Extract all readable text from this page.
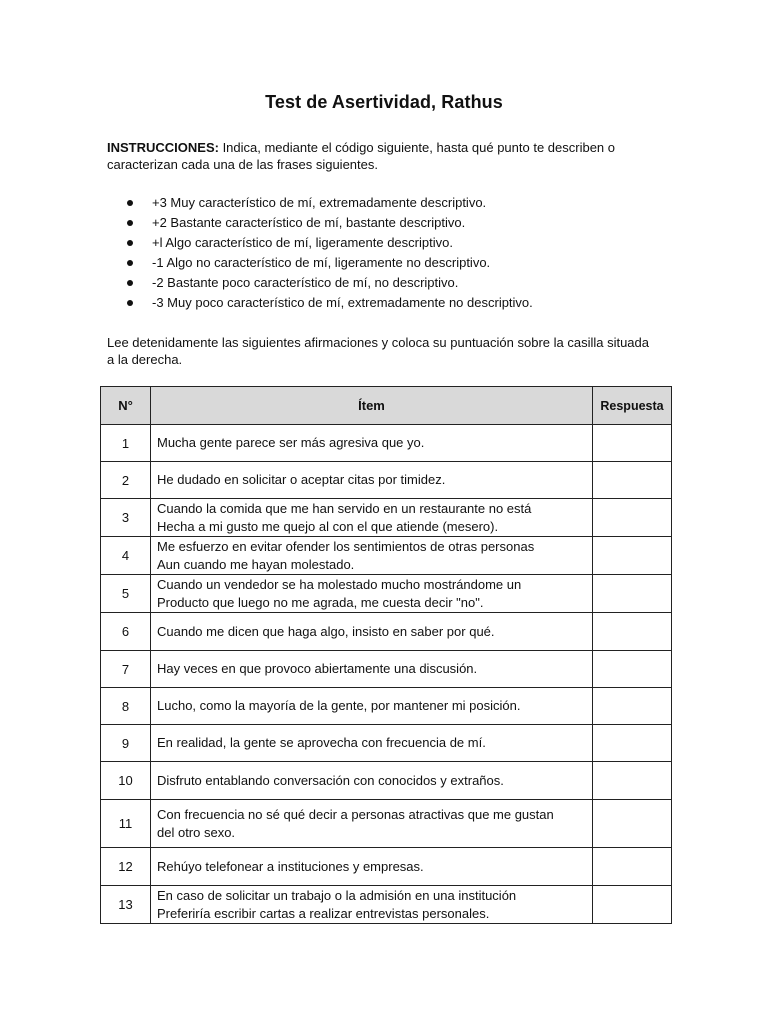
Test de Asertividad, Rathus
INSTRUCCIONES: Indica, mediante el código siguiente, hasta qué punto te describen o caracterizan cada una de las frases siguientes.
+3 Muy característico de mí, extremadamente descriptivo.
+2 Bastante característico de mí, bastante descriptivo.
+l Algo característico de mí, ligeramente descriptivo.
-1 Algo no característico de mí, ligeramente no descriptivo.
-2 Bastante poco característico de mí, no descriptivo.
-3 Muy poco característico de mí, extremadamente no descriptivo.
Lee detenidamente las siguientes afirmaciones y coloca su puntuación sobre la casilla situada a la derecha.
N°	Ítem	Respuesta
1	Mucha gente parece ser más agresiva que yo.	

2	He dudado en solicitar o aceptar citas por timidez.	

3	Cuando la comida que me han servido en un restaurante no está
Hecha a mi gusto me quejo al con el que atiende (mesero).	

4	Me esfuerzo en evitar ofender los sentimientos de otras personas
Aun cuando me hayan molestado.	

5	Cuando un vendedor se ha molestado mucho mostrándome un
Producto que luego no me agrada, me cuesta decir "no".	

6	Cuando me dicen que haga algo, insisto en saber por qué.	

7	Hay veces en que provoco abiertamente una discusión.	

8	Lucho, como la mayoría de la gente, por mantener mi posición.	

9	En realidad, la gente se aprovecha con frecuencia de mí.	

10	Disfruto entablando conversación con conocidos y extraños.	

11	Con frecuencia no sé qué decir a personas atractivas que me gustan
del otro sexo.	

12	Rehúyo telefonear a instituciones y empresas.	

13	En caso de solicitar un trabajo o la admisión en una institución
Preferiría escribir cartas a realizar entrevistas personales.	
